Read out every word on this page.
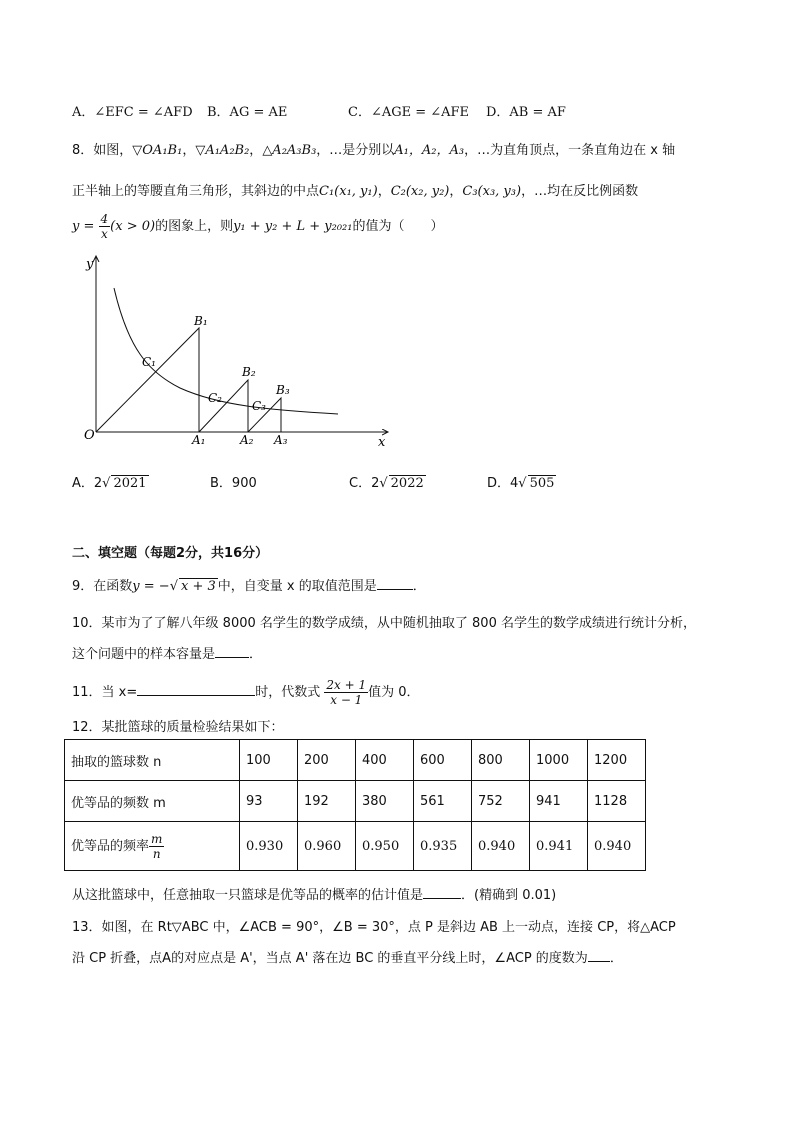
A．∠EFC = ∠AFD B．AG = AE	C．∠AGE = ∠AFE D．AB = AF
8．如图，▽OA₁B₁，▽A₁A₂B₂，△A₂A₃B₃，…是分别以A₁，A₂，A₃，…为直角顶点，一条直角边在 x 轴
正半轴上的等腰直角三角形，其斜边的中点C₁(x₁, y₁)，C₂(x₂, y₂)，C₃(x₃, y₃)，…均在反比例函数
$y = \frac{4}{x} (x > 0)$的图象上，则y₁ + y₂ + L + y₂₀₂₁的值为（　　）
y
x
O
B₁
B₂
B₃
C₁
C₂
C₃
A₁	A₂ A₃
A．2√ 2021	B．900	C．2√ 2022	D．4√ 505
二、填空题（每题2分，共16分）
9．在函数y = −√ x + 3 中，自变量 x 的取值范围是	．
10．某市为了了解八年级 8000 名学生的数学成绩，从中随机抽取了 800 名学生的数学成绩进行统计分析，
这个问题中的样本容量是	．
11．当 x=	时，代数式 $\frac{2x + 1}{x - 1}$ 值为 0．
12．某批篮球的质量检验结果如下：
抽取的篮球数 n	100	200	400	600	800	1000	1200
优等品的频数 m	93	192	380	561	752	941	1128
优等品的频率 $\frac{m}{n}$	0.930	0.960	0.950	0.935	0.940	0.941	0.940
从这批篮球中，任意抽取一只篮球是优等品的概率的估计值是	．(精确到 0.01)
13．如图，在 Rt▽ABC 中，∠ACB = 90°，∠B = 30°，点 P 是斜边 AB 上一动点，连接 CP，将△ACP
沿 CP 折叠，点A的对应点是 A'，当点 A' 落在边 BC 的垂直平分线上时，∠ACP 的度数为 ．
